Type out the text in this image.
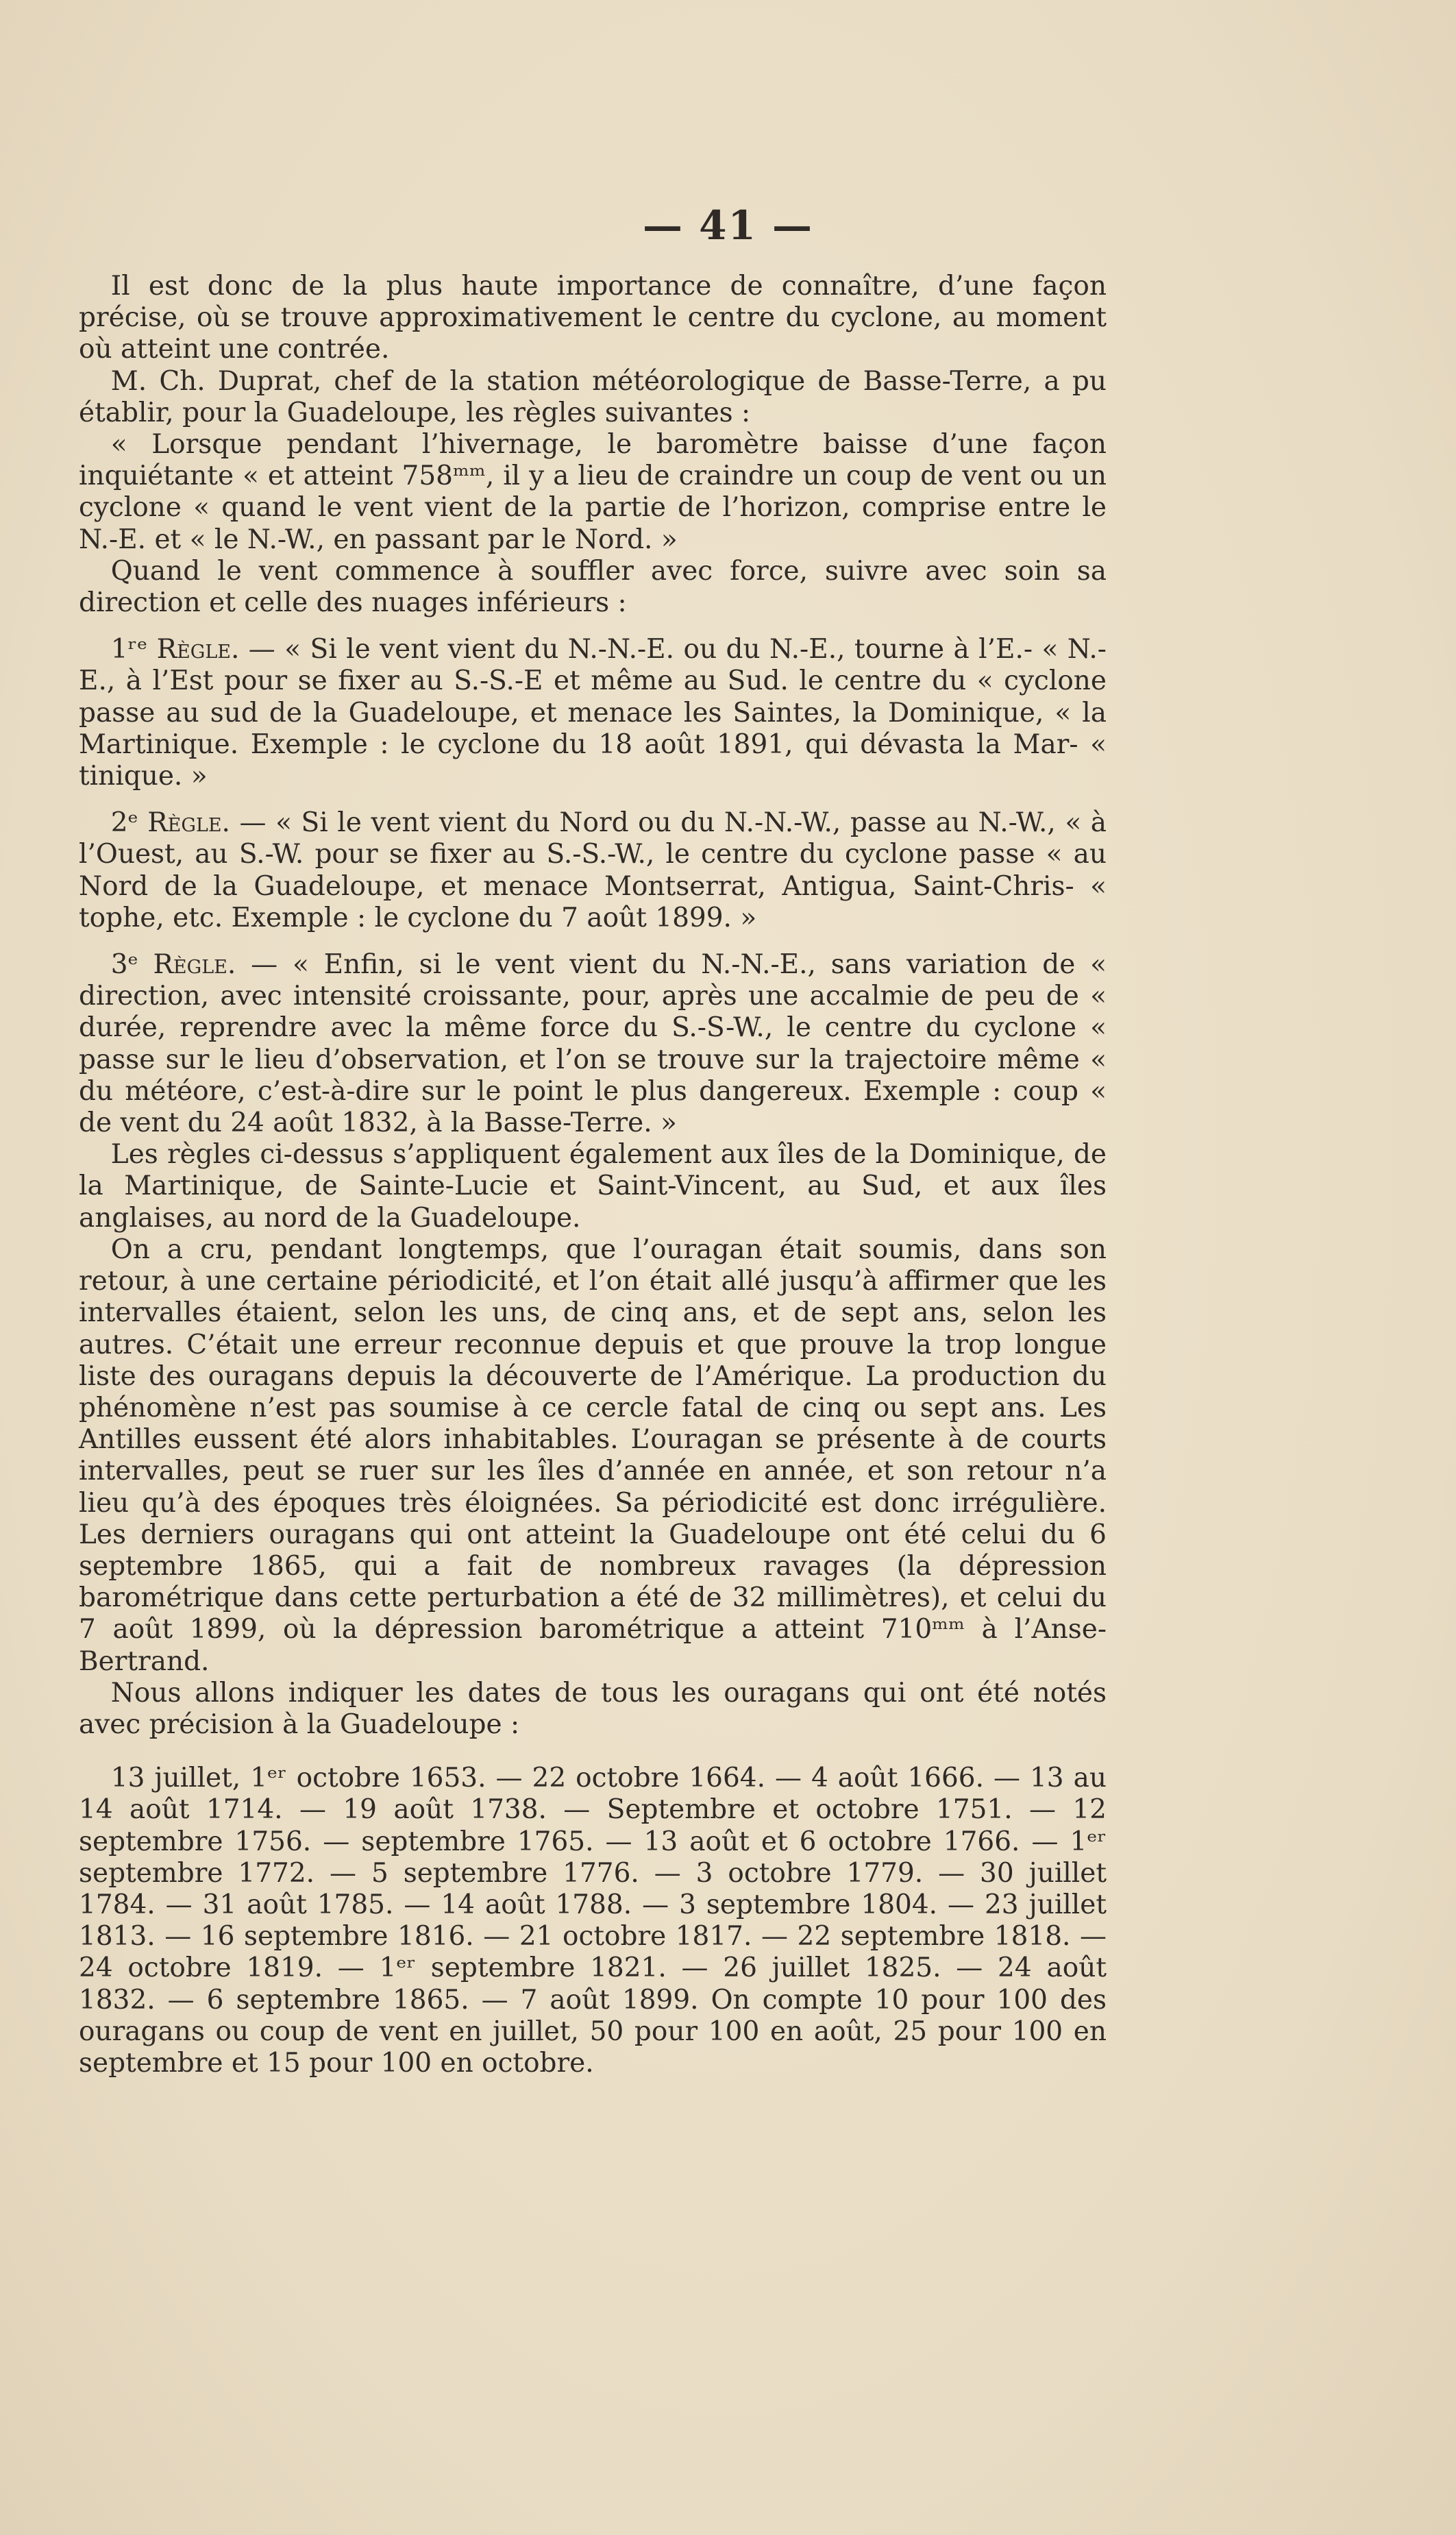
— 41 —

Il est donc de la plus haute importance de connaître, d’une façon précise, où se trouve approximativement le centre du cyclone, au moment où atteint une contrée.

M. Ch. Duprat, chef de la station météorologique de Basse-Terre, a pu établir, pour la Guadeloupe, les règles suivantes :

« Lorsque pendant l’hivernage, le baromètre baisse d’une façon inquiétante « et atteint 758ᵐᵐ, il y a lieu de craindre un coup de vent ou un cyclone « quand le vent vient de la partie de l’horizon, comprise entre le N.-E. et « le N.-W., en passant par le Nord. »

Quand le vent commence à souffler avec force, suivre avec soin sa direction et celle des nuages inférieurs :

1ʳᵉ Règle. — « Si le vent vient du N.-N.-E. ou du N.-E., tourne à l’E.- « N.-E., à l’Est pour se fixer au S.-S.-E et même au Sud. le centre du « cyclone passe au sud de la Guadeloupe, et menace les Saintes, la Dominique, « la Martinique. Exemple : le cyclone du 18 août 1891, qui dévasta la Mar- « tinique. »

2ᵉ Règle. — « Si le vent vient du Nord ou du N.-N.-W., passe au N.-W., « à l’Ouest, au S.-W. pour se fixer au S.-S.-W., le centre du cyclone passe « au Nord de la Guadeloupe, et menace Montserrat, Antigua, Saint-Chris- « tophe, etc. Exemple : le cyclone du 7 août 1899. »

3ᵉ Règle. — « Enfin, si le vent vient du N.-N.-E., sans variation de « direction, avec intensité croissante, pour, après une accalmie de peu de « durée, reprendre avec la même force du S.-S-W., le centre du cyclone « passe sur le lieu d’observation, et l’on se trouve sur la trajectoire même « du météore, c’est-à-dire sur le point le plus dangereux. Exemple : coup « de vent du 24 août 1832, à la Basse-Terre. »

Les règles ci-dessus s’appliquent également aux îles de la Dominique, de la Martinique, de Sainte-Lucie et Saint-Vincent, au Sud, et aux îles anglaises, au nord de la Guadeloupe.

On a cru, pendant longtemps, que l’ouragan était soumis, dans son retour, à une certaine périodicité, et l’on était allé jusqu’à affirmer que les intervalles étaient, selon les uns, de cinq ans, et de sept ans, selon les autres. C’était une erreur reconnue depuis et que prouve la trop longue liste des ouragans depuis la découverte de l’Amérique. La production du phénomène n’est pas soumise à ce cercle fatal de cinq ou sept ans. Les Antilles eussent été alors inhabitables. L’ouragan se présente à de courts intervalles, peut se ruer sur les îles d’année en année, et son retour n’a lieu qu’à des époques très éloignées. Sa périodicité est donc irrégulière. Les derniers ouragans qui ont atteint la Guadeloupe ont été celui du 6 septembre 1865, qui a fait de nombreux ravages (la dépression barométrique dans cette perturbation a été de 32 millimètres), et celui du 7 août 1899, où la dépression barométrique a atteint 710ᵐᵐ à l’Anse-Bertrand.

Nous allons indiquer les dates de tous les ouragans qui ont été notés avec précision à la Guadeloupe :

13 juillet, 1ᵉʳ octobre 1653. — 22 octobre 1664. — 4 août 1666. — 13 au 14 août 1714. — 19 août 1738. — Septembre et octobre 1751. — 12 septembre 1756. — septembre 1765. — 13 août et 6 octobre 1766. — 1ᵉʳ septembre 1772. — 5 septembre 1776. — 3 octobre 1779. — 30 juillet 1784. — 31 août 1785. — 14 août 1788. — 3 septembre 1804. — 23 juillet 1813. — 16 septembre 1816. — 21 octobre 1817. — 22 septembre 1818. — 24 octobre 1819. — 1ᵉʳ septembre 1821. — 26 juillet 1825. — 24 août 1832. — 6 septembre 1865. — 7 août 1899. On compte 10 pour 100 des ouragans ou coup de vent en juillet, 50 pour 100 en août, 25 pour 100 en septembre et 15 pour 100 en octobre.
